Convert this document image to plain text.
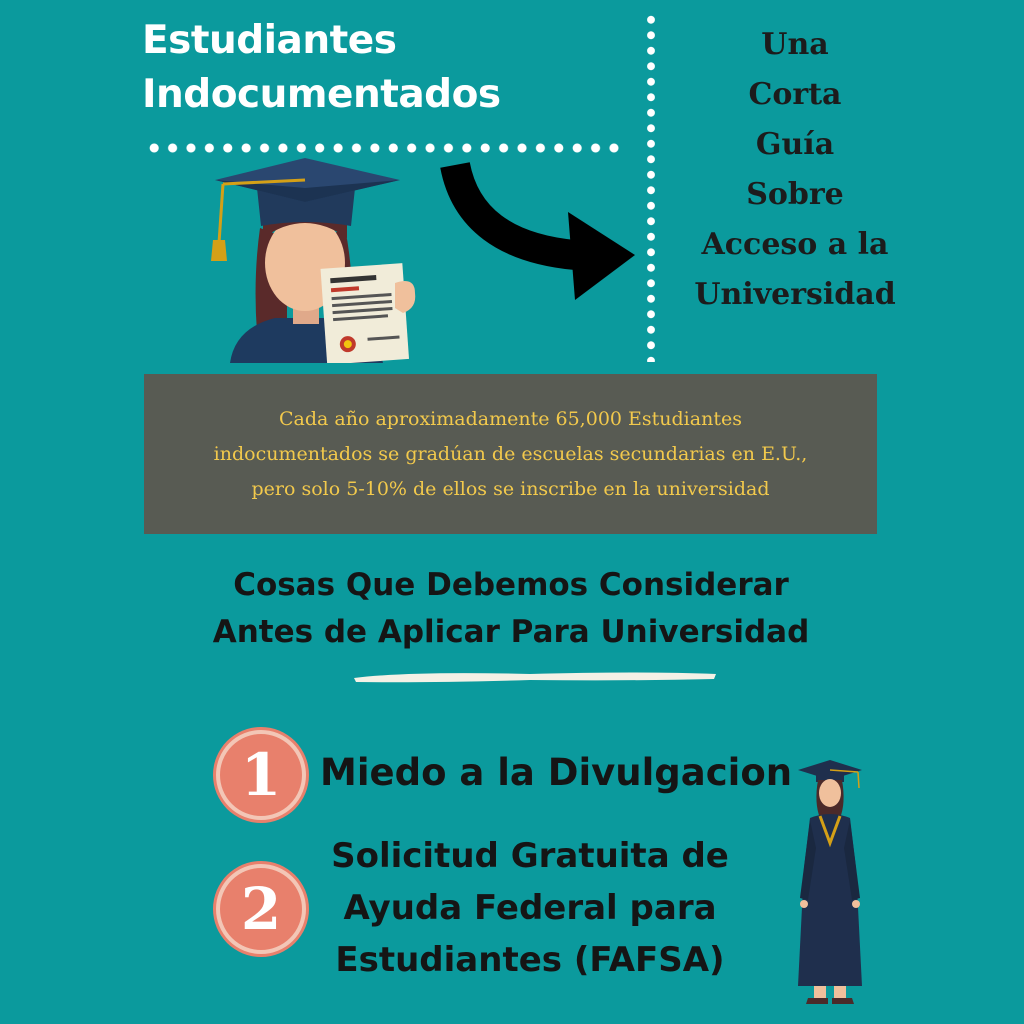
Estudiantes
Indocumentados
Una
Corta
Guía
Sobre
Acceso a la
Universidad
Cada año aproximadamente 65,000 Estudiantes
indocumentados se gradúan de escuelas secundarias en E.U.,
pero solo 5-10% de ellos se inscribe en la universidad
Cosas Que Debemos Considerar
Antes de Aplicar Para Universidad
1 Miedo a la Divulgacion
2
Solicitud Gratuita de
Ayuda Federal para
Estudiantes (FAFSA)
